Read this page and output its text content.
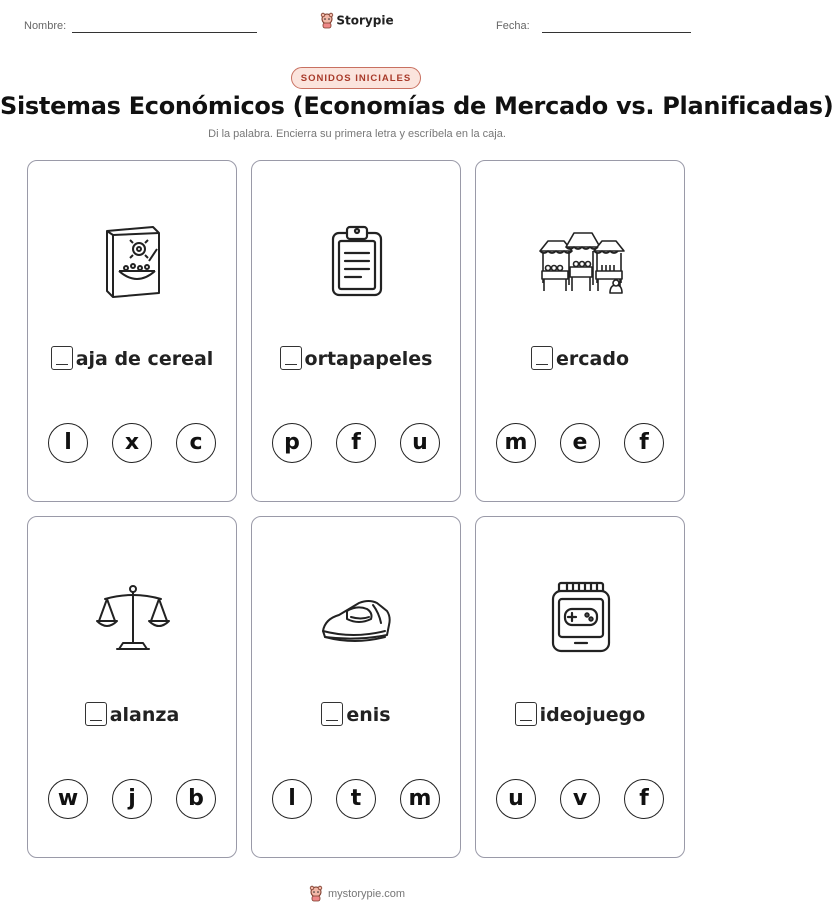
Nombre:	Storypie	Fecha:
SONIDOS INICIALES
Sistemas Económicos (Economías de Mercado vs. Planificadas)
Di la palabra. Encierra su primera letra y escríbela en la caja.
aja de cereal
l	x	c
ortapapeles
p	f	u
ercado
m	e	f
alanza
w	j	b
enis
l	t	m
ideojuego
u	v	f
mystorypie.com
